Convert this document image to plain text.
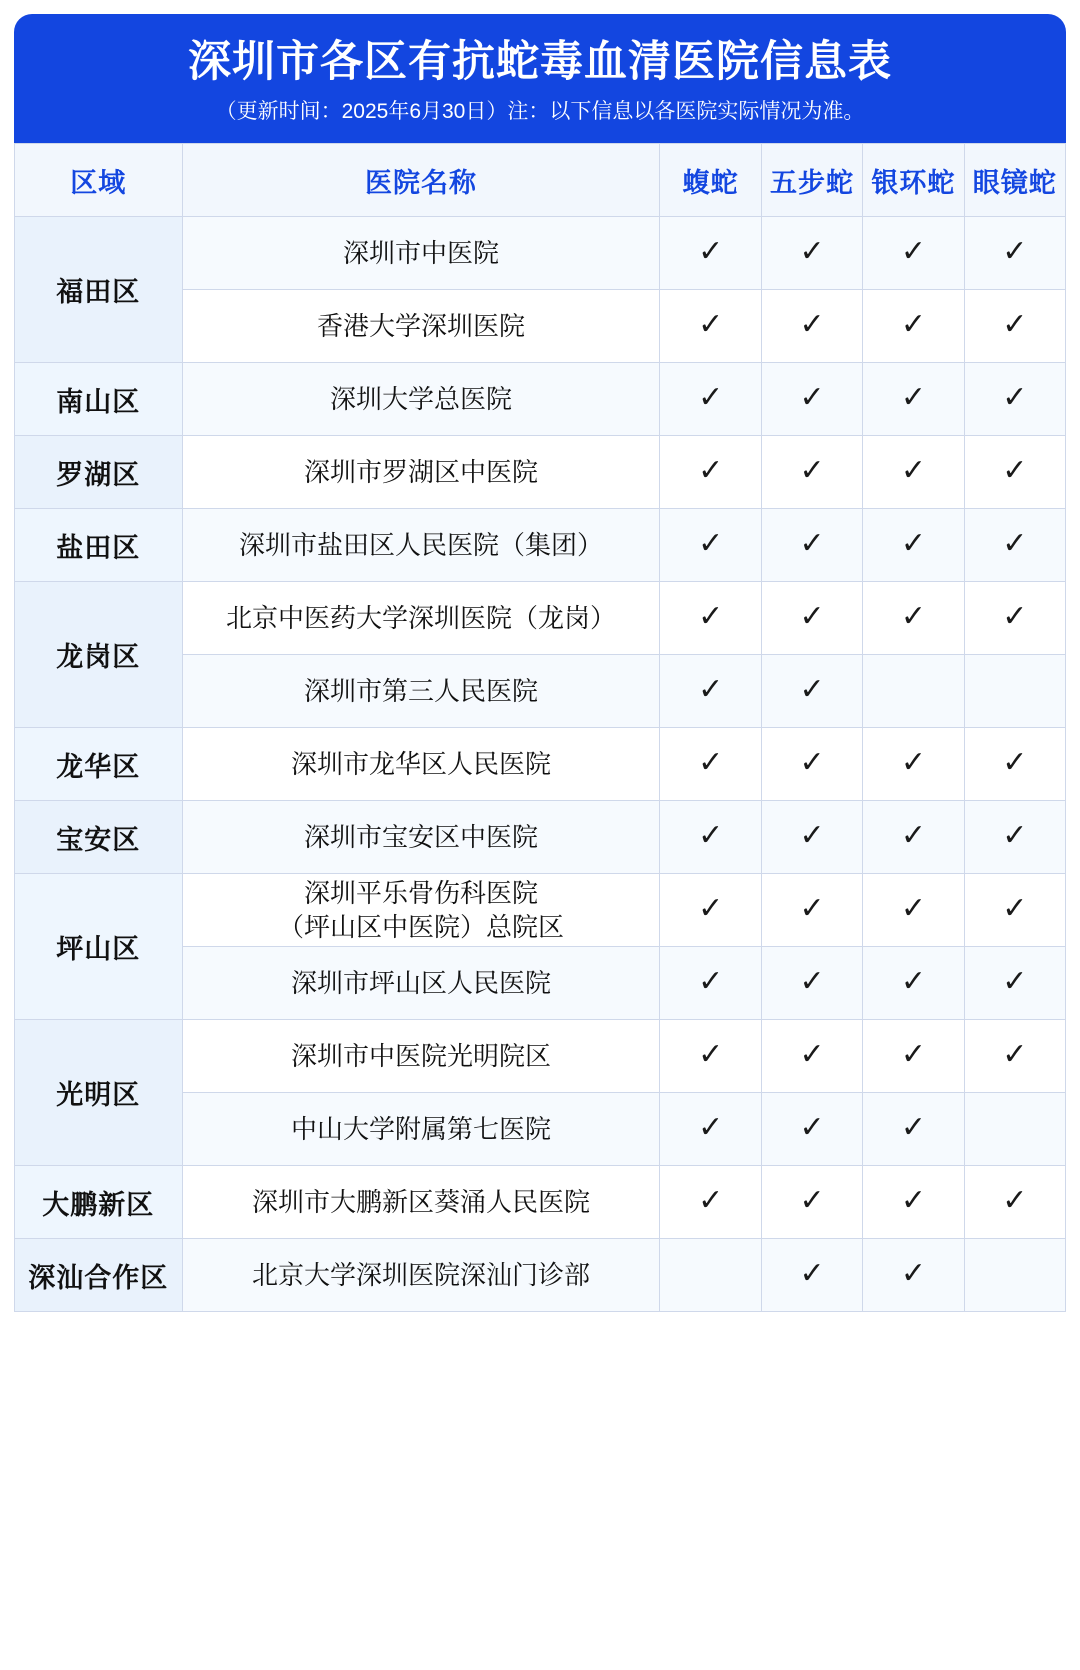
深圳市各区有抗蛇毒血清医院信息表
（更新时间：2025年6月30日）注：以下信息以各医院实际情况为准。
区域	医院名称	蝮蛇	五步蛇	银环蛇	眼镜蛇
福田区	深圳市中医院	✓	✓	✓	✓

	香港大学深圳医院	✓	✓	✓	✓
南山区	深圳大学总医院	✓	✓	✓	✓
罗湖区	深圳市罗湖区中医院	✓	✓	✓	✓
盐田区	深圳市盐田区人民医院（集团）	✓	✓	✓	✓
龙岗区	北京中医药大学深圳医院（龙岗）	✓	✓	✓	✓

	深圳市第三人民医院	✓	✓		
龙华区	深圳市龙华区人民医院	✓	✓	✓	✓
宝安区	深圳市宝安区中医院	✓	✓	✓	✓
坪山区	深圳平乐骨伤科医院
（坪山区中医院）总院区	✓	✓	✓	✓

	深圳市坪山区人民医院	✓	✓	✓	✓
光明区	深圳市中医院光明院区	✓	✓	✓	✓

	中山大学附属第七医院	✓	✓	✓	
大鹏新区	深圳市大鹏新区葵涌人民医院	✓	✓	✓	✓
深汕合作区	北京大学深圳医院深汕门诊部		✓	✓	
